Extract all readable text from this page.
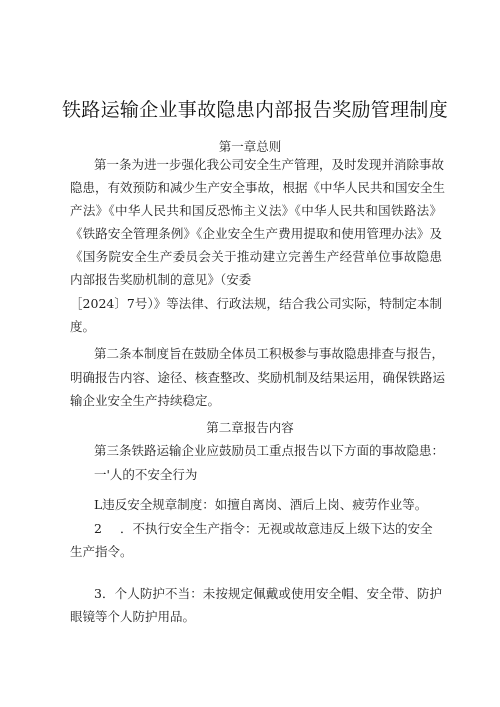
铁路运输企业事故隐患内部报告奖励管理制度
第一章总则
第一条为进一步强化我公司安全生产管理，及时发现并消除事故
隐患，有效预防和减少生产安全事故，根据《中华人民共和国安全生
产法》《中华人民共和国反恐怖主义法》《中华人民共和国铁路法》
《铁路安全管理条例》《企业安全生产费用提取和使用管理办法》及
《国务院安全生产委员会关于推动建立完善生产经营单位事故隐患
内部报告奖励机制的意见》（安委
［2024〕7号）》等法律、行政法规，结合我公司实际，特制定本制
度。
第二条本制度旨在鼓励全体员工积极参与事故隐患排查与报告，
明确报告内容、途径、核查整改、奖励机制及结果运用，确保铁路运
输企业安全生产持续稳定。
第二章报告内容
第三条铁路运输企业应鼓励员工重点报告以下方面的事故隐患：
一'人的不安全行为
L违反安全规章制度：如擅自离岗、酒后上岗、疲劳作业等。
2	．不执行安全生产指令：无视或故意违反上级下达的安全
生产指令。
3．个人防护不当：未按规定佩戴或使用安全帽、安全带、防护
眼镜等个人防护用品。
